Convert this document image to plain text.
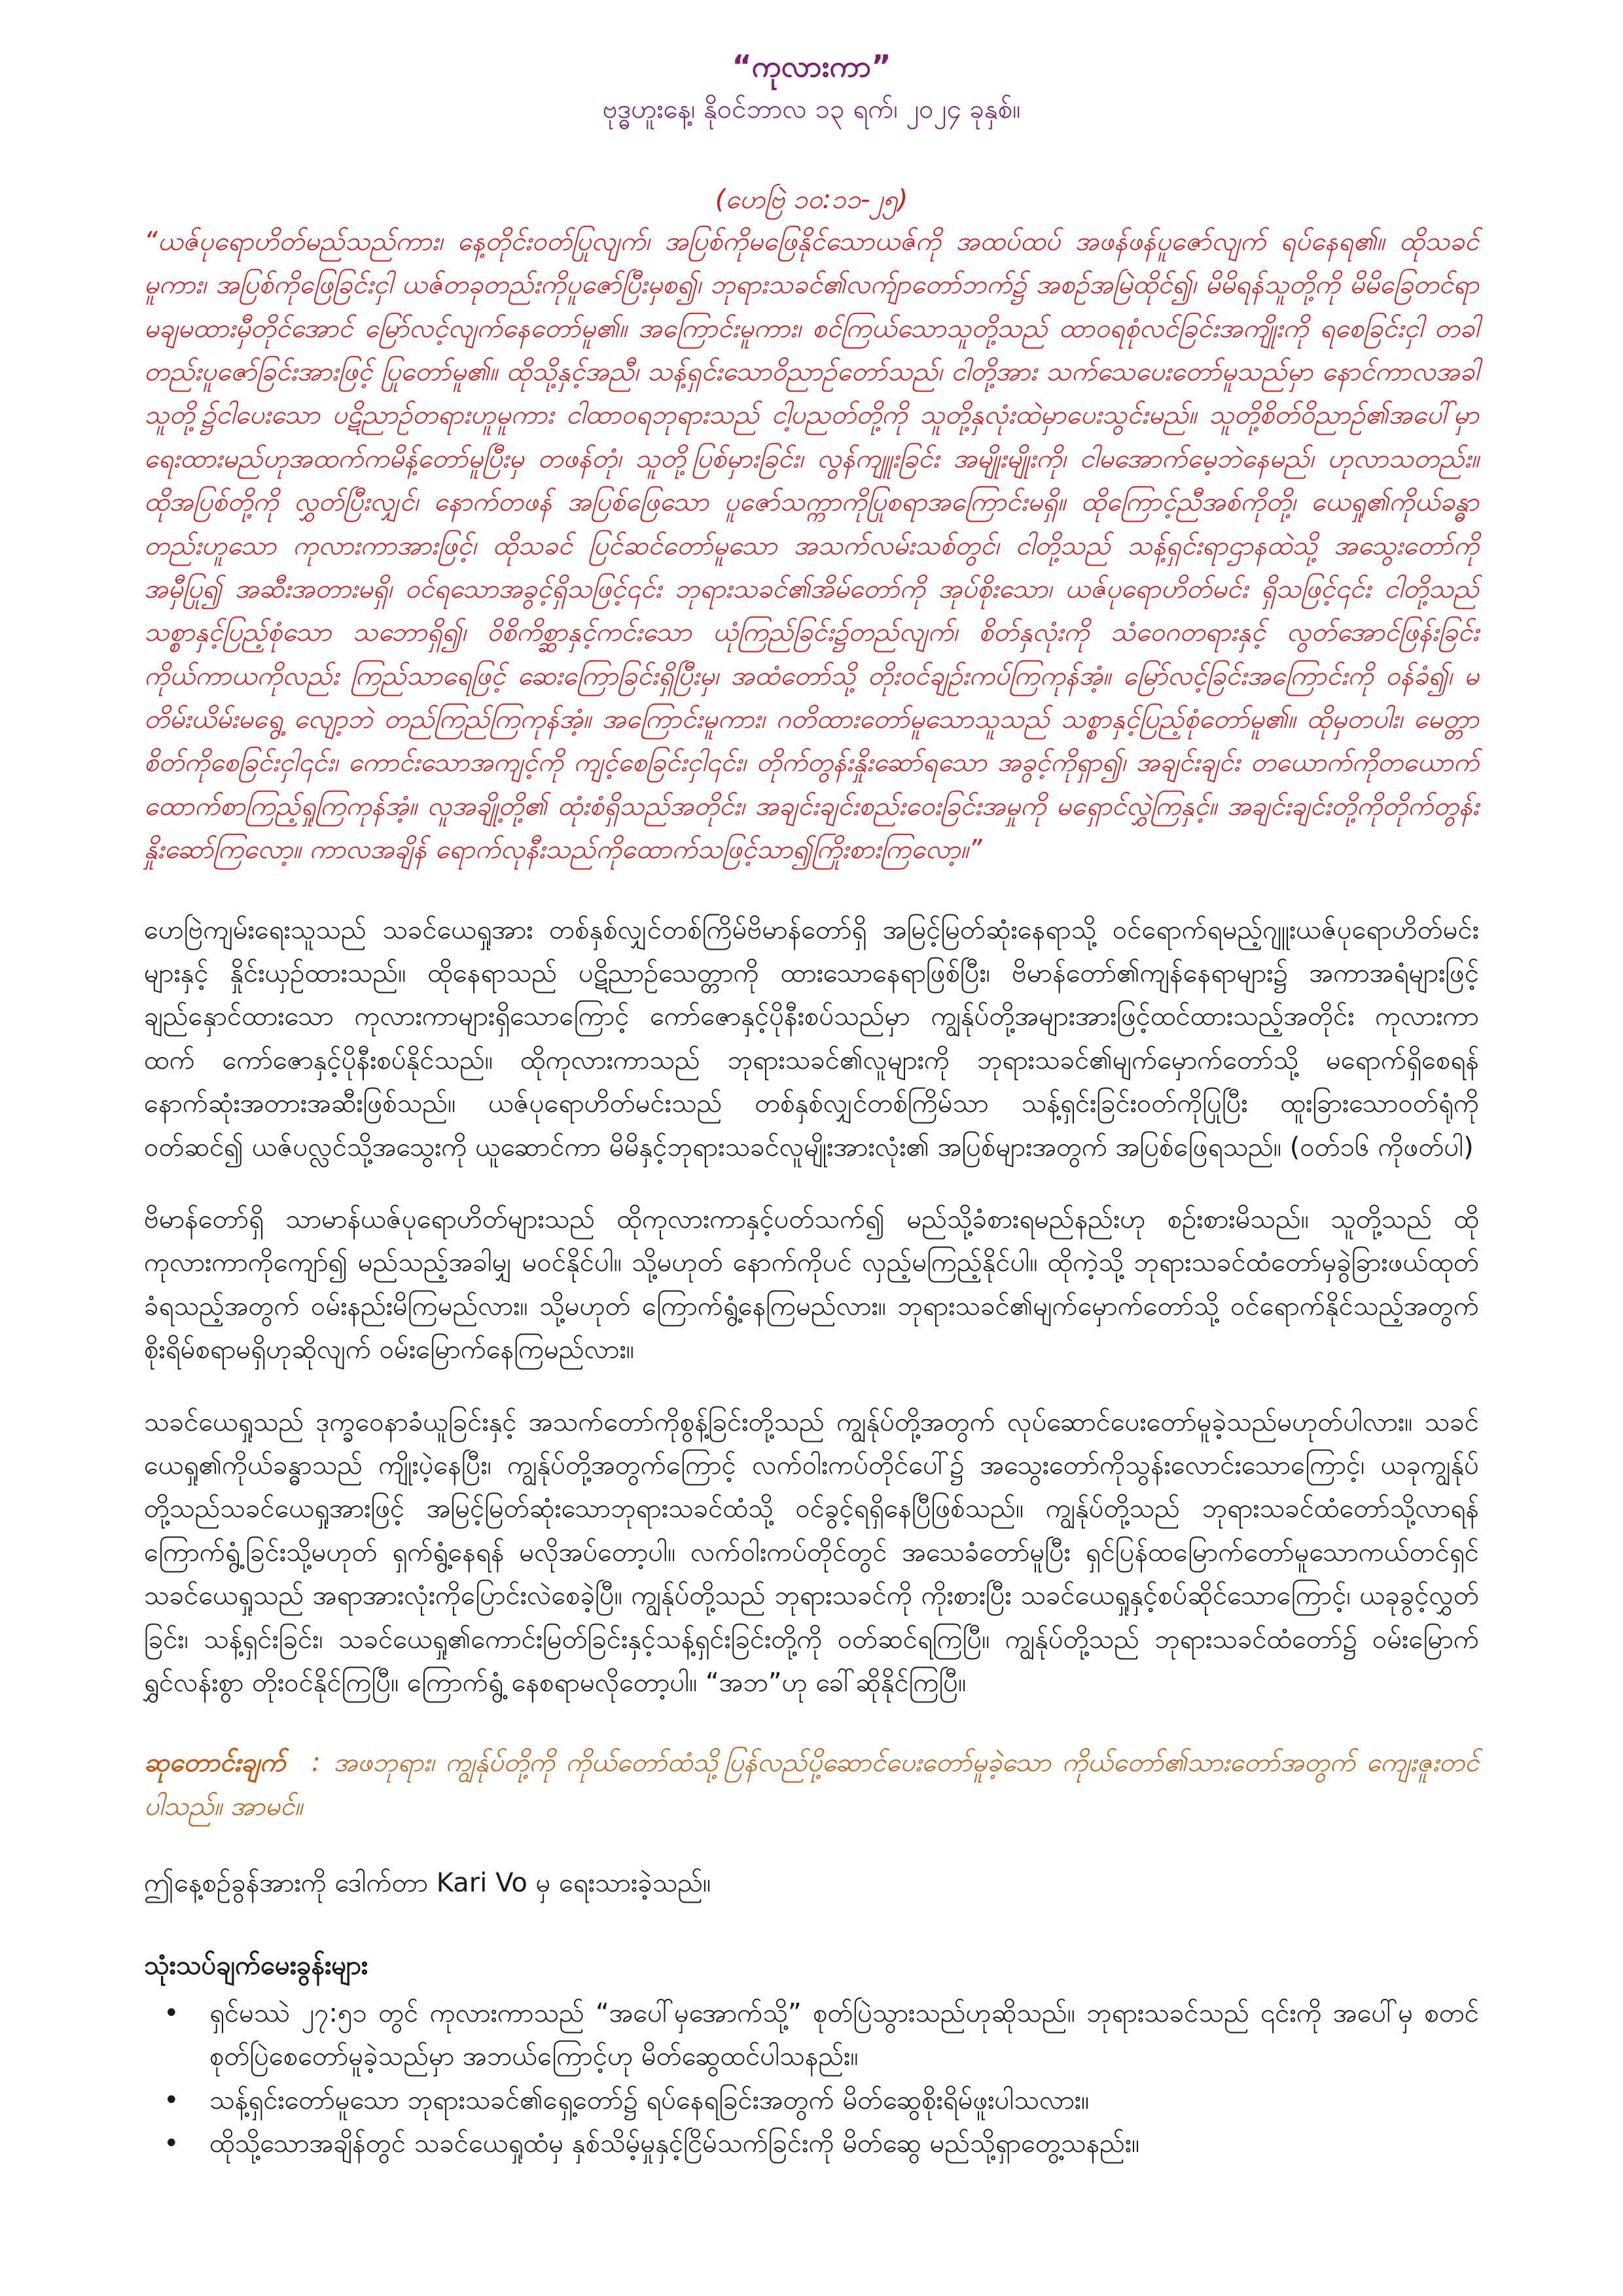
“ကုလားကာ”

ဗုဒ္ဓဟူးနေ့၊ နိုဝင်ဘာလ ၁၃ ရက်၊ ၂၀၂၄ ခုနှစ်။

(ဟေဗြဲ ၁၀:၁၁-၂၅)

“ယဇ်ပုရောဟိတ်မည်သည်ကား၊ နေ့တိုင်းဝတ်ပြုလျက်၊ အပြစ်ကိုမဖြေနိုင်သောယဇ်ကို အထပ်ထပ် အဖန်ဖန်ပူဇော်လျက် ရပ်နေရ၏။ ထိုသခင်မူကား၊ အပြစ်ကိုဖြေခြင်းငှါ ယဇ်တခုတည်းကိုပူဇော်ပြီးမှစ၍၊ ဘုရားသခင်၏လက်ျာတော်ဘက်၌ အစဉ်အမြဲထိုင်၍၊ မိမိရန်သူတို့ကို မိမိခြေတင်ရာ မချမထားမှီတိုင်အောင် မြော်လင့်လျက်နေတော်မူ၏။ အကြောင်းမူကား၊ စင်ကြယ်သောသူတို့သည် ထာဝရစုံလင်ခြင်းအကျိုးကို ရစေခြင်းငှါ တခါတည်းပူဇော်ခြင်းအားဖြင့် ပြုတော်မူ၏။ ထိုသို့နှင့်အညီ၊ သန့်ရှင်းသောဝိညာဉ်တော်သည်၊ ငါတို့အား သက်သေပေးတော်မူသည်မှာ နောင်ကာလအခါ သူတို့၌ငါပေးသော ပဋိညာဉ်တရားဟူမူကား ငါထာဝရဘုရားသည် ငါ့ပညတ်တို့ကို သူတို့နှလုံးထဲမှာပေးသွင်းမည်။ သူတို့စိတ်ဝိညာဉ်၏အပေါ်မှာ ရေးထားမည်ဟုအထက်ကမိန့်တော်မူပြီးမှ တဖန်တုံ၊ သူတို့ပြစ်မှားခြင်း၊ လွန်ကျူးခြင်း အမျိုးမျိုးကို၊ ငါမအောက်မေ့ဘဲနေမည်၊ ဟုလာသတည်း။ ထိုအပြစ်တို့ကို လွှတ်ပြီးလျှင်၊ နောက်တဖန် အပြစ်ဖြေသော ပူဇော်သက္ကာကိုပြုစရာအကြောင်းမရှိ။ ထိုကြောင့်ညီအစ်ကိုတို့၊ ယေရှု၏ကိုယ်ခန္ဓာတည်းဟူသော ကုလားကာအားဖြင့်၊ ထိုသခင် ပြင်ဆင်တော်မူသော အသက်လမ်းသစ်တွင်၊ ငါတို့သည် သန့်ရှင်းရာဌာနထဲသို့ အသွေးတော်ကိုအမှီပြု၍ အဆီးအတားမရှိ၊ ဝင်ရသောအခွင့်ရှိသဖြင့်၎င်း ဘုရားသခင်၏အိမ်တော်ကို အုပ်စိုးသော၊ ယဇ်ပုရောဟိတ်မင်း ရှိသဖြင့်၎င်း ငါတို့သည်သစ္စာနှင့်ပြည့်စုံသော သဘောရှိ၍၊ ဝိစိကိစ္ဆာနှင့်ကင်းသော ယုံကြည်ခြင်း၌တည်လျက်၊ စိတ်နှလုံးကို သံဝေဂတရားနှင့် လွတ်အောင်ဖြန်းခြင်း ကိုယ်ကာယကိုလည်း ကြည်သာရေဖြင့် ဆေးကြောခြင်းရှိပြီးမှ၊ အထံတော်သို့ တိုးဝင်ချဉ်းကပ်ကြကုန်အံ့။ မြော်လင့်ခြင်းအကြောင်းကို ဝန်ခံ၍၊ မတိမ်းယိမ်းမရွေ့ လျော့ဘဲ တည်ကြည်ကြကုန်အံ့။ အကြောင်းမူကား၊ ဂတိထားတော်မူသောသူသည် သစ္စာနှင့်ပြည့်စုံတော်မူ၏။ ထိုမှတပါး၊ မေတ္တာစိတ်ကိုစေခြင်းငှါ၎င်း၊ ကောင်းသောအကျင့်ကို ကျင့်စေခြင်းငှါ၎င်း၊ တိုက်တွန်းနှိုးဆော်ရသော အခွင့်ကိုရှာ၍၊ အချင်းချင်း တယောက်ကိုတယောက် ထောက်စာကြည့်ရှုကြကုန်အံ့။ လူအချို့တို့၏ ထုံးစံရှိသည်အတိုင်း၊ အချင်းချင်းစည်းဝေးခြင်းအမှုကို မရှောင်လွှဲကြနှင့်။ အချင်းချင်းတို့ကိုတိုက်တွန်းနှိုးဆော်ကြလော့။ ကာလအချိန် ရောက်လုနီးသည်ကိုထောက်သဖြင့်သာ၍ကြိုးစားကြလော့။”

ဟေဗြဲကျမ်းရေးသူသည် သခင်ယေရှုအား တစ်နှစ်လျှင်တစ်ကြိမ်ဗိမာန်တော်ရှိ အမြင့်မြတ်ဆုံးနေရာသို့ ဝင်ရောက်ရမည့်ဂျူးယဇ်ပုရောဟိတ်မင်းများနှင့် နှိုင်းယှဉ်ထားသည်။ ထိုနေရာသည် ပဋိညာဉ်သေတ္တာကို ထားသောနေရာဖြစ်ပြီး၊ ဗိမာန်တော်၏ကျန်နေရာများ၌ အကာအရံများဖြင့် ချည်နှောင်ထားသော ကုလားကာများရှိသောကြောင့် ကော်ဇောနှင့်ပိုနီးစပ်သည်မှာ ကျွန်ုပ်တို့အများအားဖြင့်ထင်ထားသည့်အတိုင်း ကုလားကာထက် ကော်ဇောနှင့်ပိုနီးစပ်နိုင်သည်။ ထိုကုလားကာသည် ဘုရားသခင်၏လူများကို ဘုရားသခင်၏မျက်မှောက်တော်သို့ မရောက်ရှိစေရန် နောက်ဆုံးအတားအဆီးဖြစ်သည်။ ယဇ်ပုရောဟိတ်မင်းသည် တစ်နှစ်လျှင်တစ်ကြိမ်သာ သန့်ရှင်းခြင်းဝတ်ကိုပြုပြီး ထူးခြားသောဝတ်ရုံကို ဝတ်ဆင်၍ ယဇ်ပလ္လင်သို့အသွေးကို ယူဆောင်ကာ မိမိနှင့်ဘုရားသခင်လူမျိုးအားလုံး၏ အပြစ်များအတွက် အပြစ်ဖြေရသည်။ (ဝတ်၁၆ ကိုဖတ်ပါ)

ဗိမာန်တော်ရှိ သာမာန်ယဇ်ပုရောဟိတ်များသည် ထိုကုလားကာနှင့်ပတ်သက်၍ မည်သို့ခံစားရမည်နည်းဟု စဉ်းစားမိသည်။ သူတို့သည် ထိုကုလားကာကိုကျော်၍ မည်သည့်အခါမျှ မဝင်နိုင်ပါ။ သို့မဟုတ် နောက်ကိုပင် လှည့်မကြည့်နိုင်ပါ။ ထိုကဲ့သို့ ဘုရားသခင်ထံတော်မှခွဲခြားဖယ်ထုတ်ခံရသည့်အတွက် ဝမ်းနည်းမိကြမည်လား။ သို့မဟုတ် ကြောက်ရွံ့နေကြမည်လား။ ဘုရားသခင်၏မျက်မှောက်တော်သို့ ဝင်ရောက်နိုင်သည့်အတွက် စိုးရိမ်စရာမရှိဟုဆိုလျက် ဝမ်းမြောက်နေကြမည်လား။

သခင်ယေရှုသည် ဒုက္ခဝေနာခံယူခြင်းနှင့် အသက်တော်ကိုစွန့်ခြင်းတို့သည် ကျွန်ုပ်တို့အတွက် လုပ်ဆောင်ပေးတော်မူခဲ့သည်မဟုတ်ပါလား။ သခင်ယေရှု၏ကိုယ်ခန္ဓာသည် ကျိုးပဲ့နေပြီး၊ ကျွန်ုပ်တို့အတွက်ကြောင့် လက်ဝါးကပ်တိုင်ပေါ်၌ အသွေးတော်ကိုသွန်းလောင်းသောကြောင့်၊ ယခုကျွန်ုပ်တို့သည်သခင်ယေရှုအားဖြင့် အမြင့်မြတ်ဆုံးသောဘုရားသခင်ထံသို့ ဝင်ခွင့်ရရှိနေပြီဖြစ်သည်။ ကျွန်ုပ်တို့သည် ဘုရားသခင်ထံတော်သို့လာရန် ကြောက်ရွံ့ခြင်းသို့မဟုတ် ရှက်ရွံ့နေရန် မလိုအပ်တော့ပါ။ လက်ဝါးကပ်တိုင်တွင် အသေခံတော်မူပြီး ရှင်ပြန်ထမြောက်တော်မူသောကယ်တင်ရှင်သခင်ယေရှုသည် အရာအားလုံးကိုပြောင်းလဲစေခဲ့ပြီ။ ကျွန်ုပ်တို့သည် ဘုရားသခင်ကို ကိုးစားပြီး သခင်ယေရှုနှင့်စပ်ဆိုင်သောကြောင့်၊ ယခုခွင့်လွှတ်ခြင်း၊ သန့်ရှင်းခြင်း၊ သခင်ယေရှု၏ကောင်းမြတ်ခြင်းနှင့်သန့်ရှင်းခြင်းတို့ကို ဝတ်ဆင်ရကြပြီ။ ကျွန်ုပ်တို့သည် ဘုရားသခင်ထံတော်၌ ဝမ်းမြောက်ရွှင်လန်းစွာ တိုးဝင်နိုင်ကြပြီ။ ကြောက်ရွံ့ နေစရာမလိုတော့ပါ။ “အဘ”ဟု ခေါ်ဆိုနိုင်ကြပြီ။

ဆုတောင်းချက် : အဖဘုရား၊ ကျွန်ုပ်တို့ကို ကိုယ်တော်ထံသို့ပြန်လည်ပို့ဆောင်ပေးတော်မူခဲ့သော ကိုယ်တော်၏သားတော်အတွက် ကျေးဇူးတင်ပါသည်။ အာမင်။

ဤနေ့စဉ်ခွန်အားကို ဒေါက်တာ Kari Vo မှ ရေးသားခဲ့သည်။

သုံးသပ်ချက်မေးခွန်းများ

• ရှင်မဿဲ ၂၇:၅၁ တွင် ကုလားကာသည် “အပေါ်မှအောက်သို့” စုတ်ပြဲသွားသည်ဟုဆိုသည်။ ဘုရားသခင်သည် ၎င်းကို အပေါ်မှ စတင်စုတ်ပြဲစေတော်မူခဲ့သည်မှာ အဘယ်ကြောင့်ဟု မိတ်ဆွေထင်ပါသနည်း။
• သန့်ရှင်းတော်မူသော ဘုရားသခင်၏ရှေ့တော်၌ ရပ်နေရခြင်းအတွက် မိတ်ဆွေစိုးရိမ်ဖူးပါသလား။
• ထိုသို့သောအချိန်တွင် သခင်ယေရှုထံမှ နှစ်သိမ့်မှုနှင့်ငြိမ်သက်ခြင်းကို မိတ်ဆွေ မည်သို့ရှာတွေ့သနည်း။
